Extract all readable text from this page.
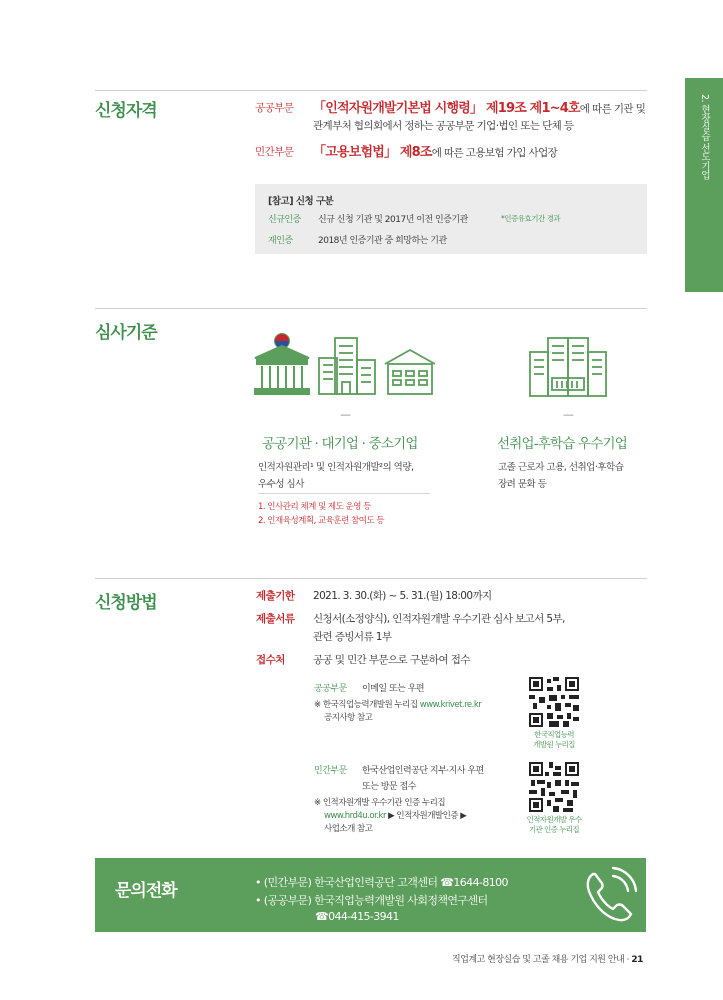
2. 현장실습 선도기업
신청자격	공공부문 「인적자원개발기본법 시행령」 제19조 제1~4호에 따른 기관 및
관계부처 협의회에서 정하는 공공부문 기업·법인 또는 단체 등
민간부문 「고용보험법」 제8조에 따른 고용보험 가입 사업장
[참고] 신청 구분
신규인증 신규 신청 기관 및 2017년 이전 인증기관	*인증유효기간 경과
재인증	2018년 인증기관 중 희망하는 기관
심사기준
—	—
공공기관 · 대기업 · 중소기업	선취업-후학습 우수기업
인적자원관리¹ 및 인적자원개발²의 역량,
우수성 심사
1. 인사관리 체계 및 제도 운영 등
2. 인재육성계획, 교육훈련 참여도 등
고졸 근로자 고용, 선취업·후학습
장려 문화 등
신청방법	제출기한 2021. 3. 30.(화) ~ 5. 31.(월) 18:00까지
제출서류 신청서(소정양식), 인적자원개발 우수기관 심사 보고서 5부,
관련 증빙서류 1부
접수처	공공 및 민간 부문으로 구분하여 접수
공공부문 이메일 또는 우편
※ 한국직업능력개발원 누리집 www.krivet.re.kr
공지사항 참고
한국직업능력
개발원 누리집
민간부문 한국산업인력공단 지부·지사 우편
또는 방문 접수
※ 인적자원개발 우수기관 인증 누리집
www.hrd4u.or.kr ▶ 인적자원개발인증 ▶
사업소개 참고
인적자원개발 우수
기관 인증 누리집
문의전화	• (민간부문) 한국산업인력공단 고객센터 ☎1644-8100
• (공공부문) 한국직업능력개발원 사회정책연구센터
☎044-415-3941
직업계고 현장실습 및 고졸 채용 기업 지원 안내 · 21
